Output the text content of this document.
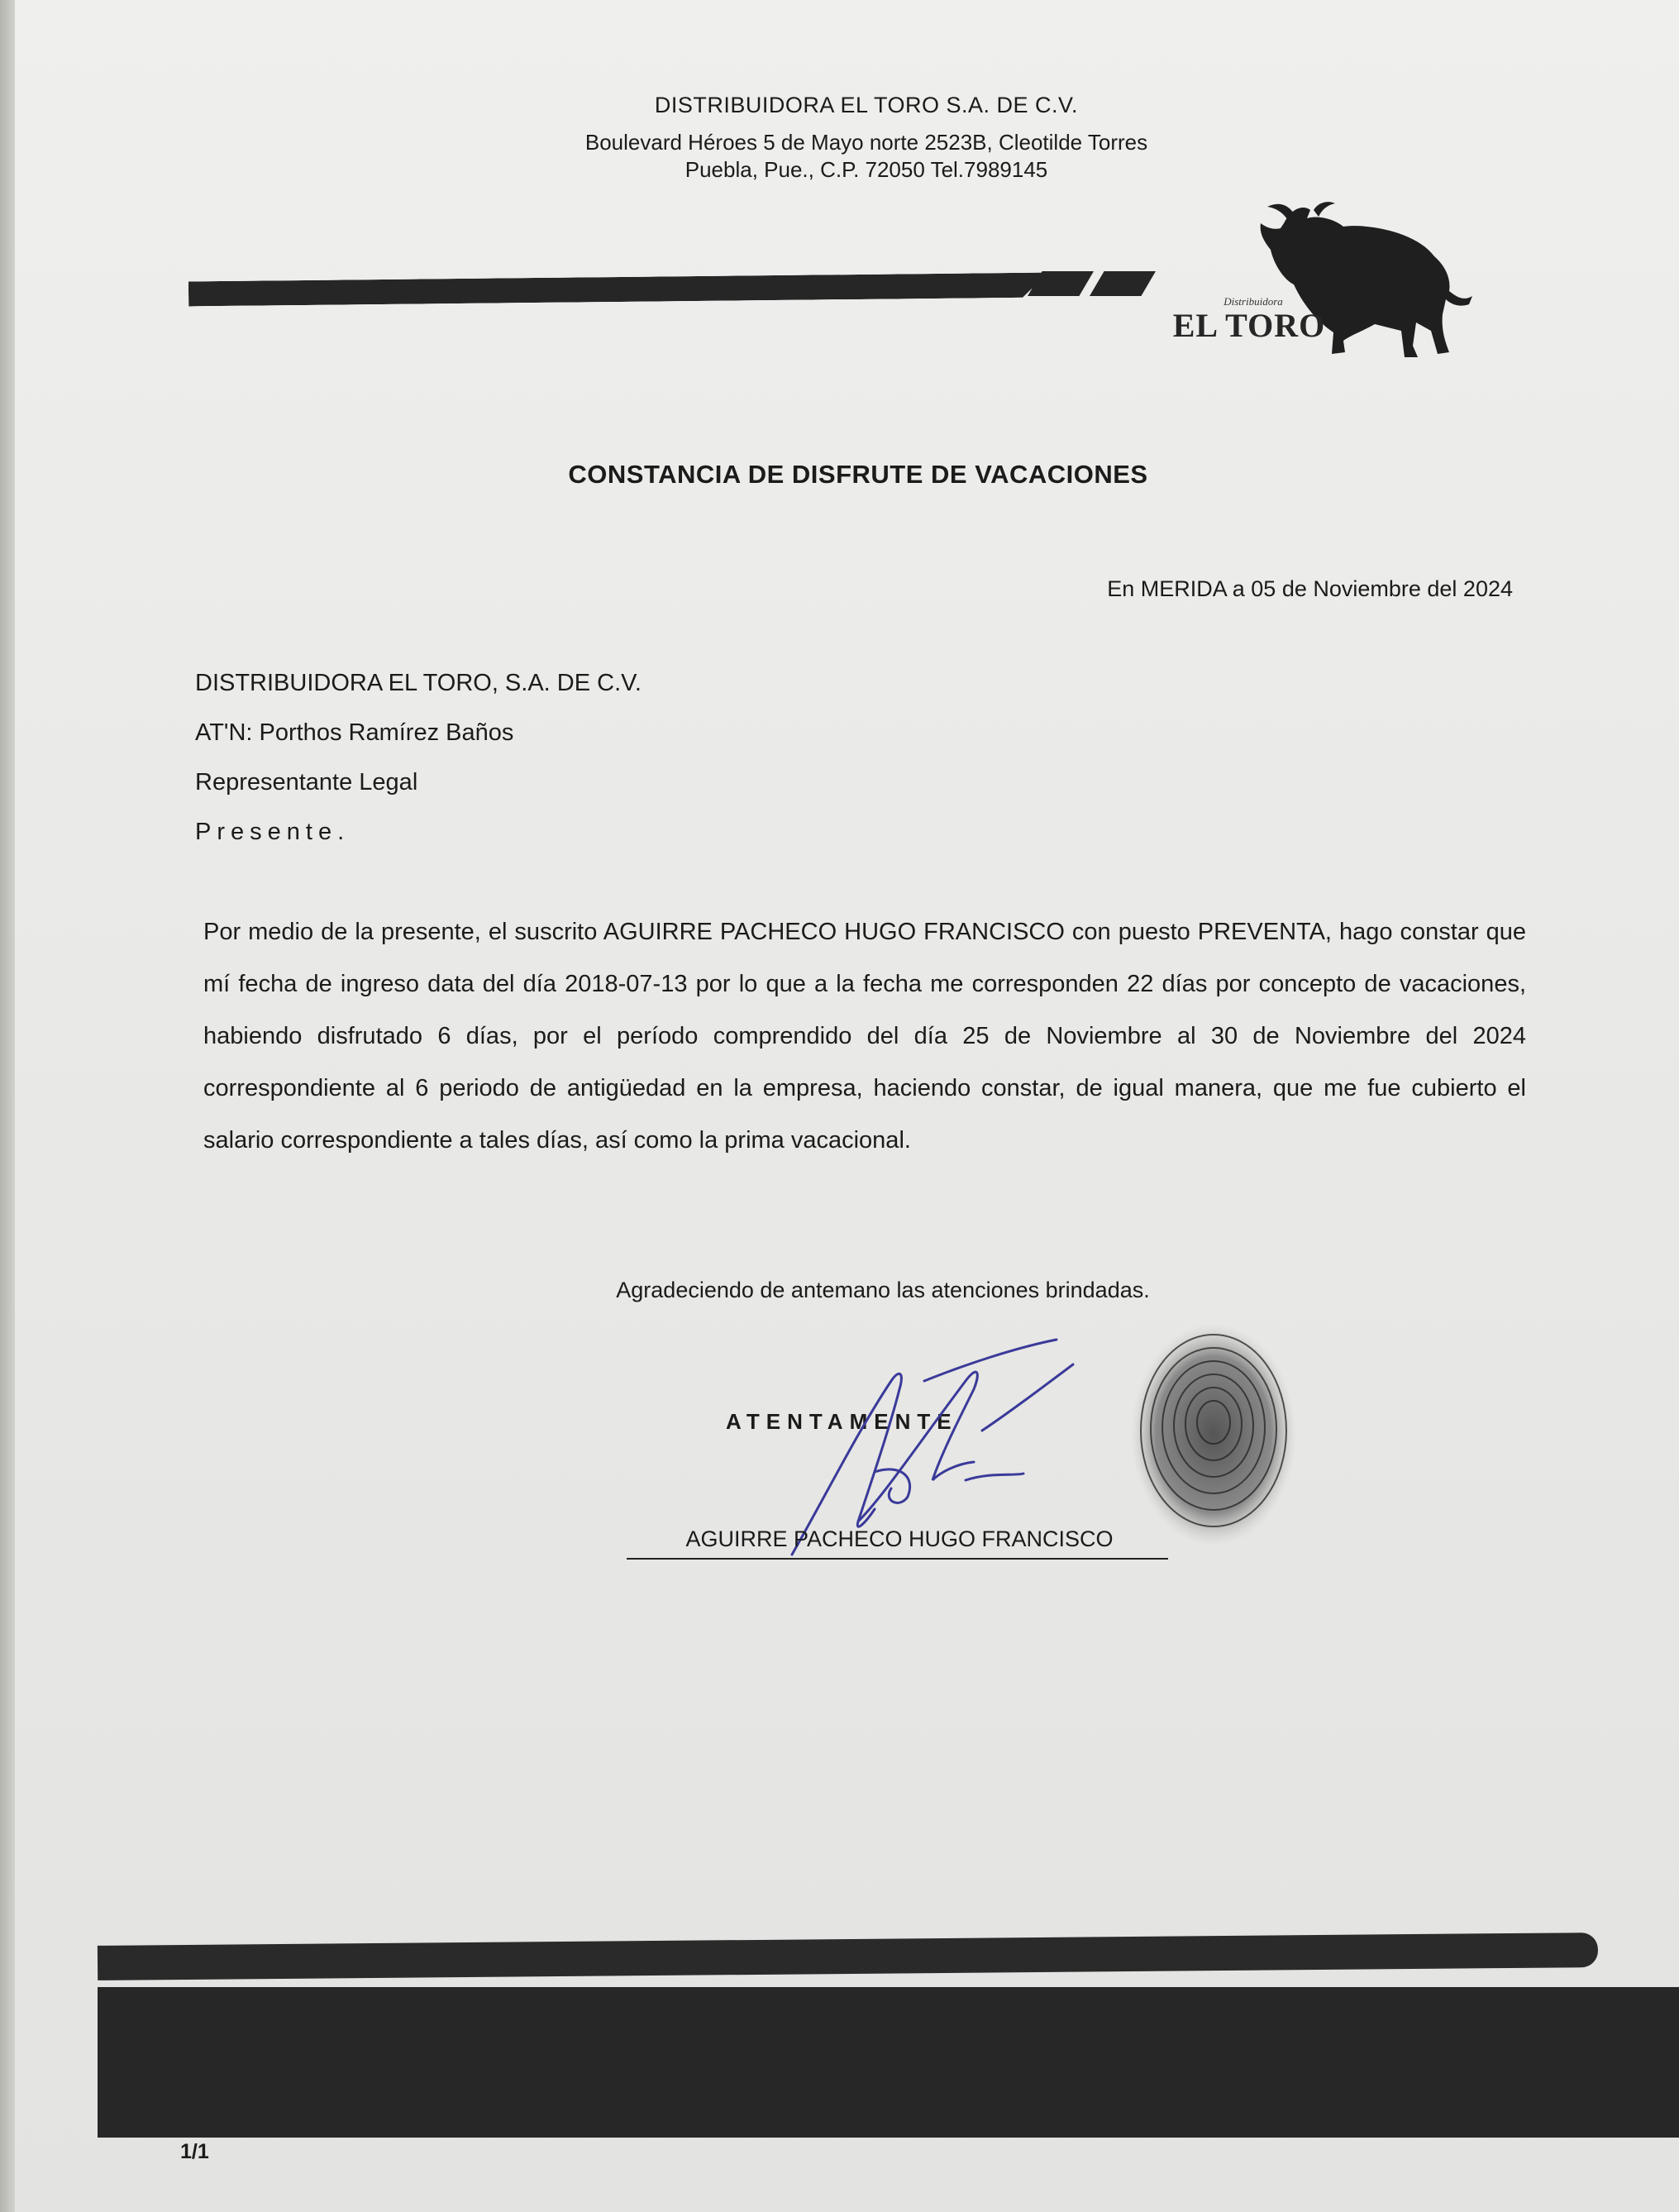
DISTRIBUIDORA EL TORO S.A. DE C.V.
Boulevard Héroes 5 de Mayo norte 2523B, Cleotilde Torres
Puebla, Pue., C.P. 72050 Tel.7989145
Distribuidora
EL TORO
CONSTANCIA DE DISFRUTE DE VACACIONES
En MERIDA a 05 de Noviembre del 2024
DISTRIBUIDORA EL TORO, S.A. DE C.V.
AT'N: Porthos Ramírez Baños
Representante Legal
Presente.
Por medio de la presente, el suscrito AGUIRRE PACHECO HUGO FRANCISCO con puesto PREVENTA, hago constar que mí fecha de ingreso data del día 2018-07-13 por lo que a la fecha me corresponden 22 días por concepto de vacaciones, habiendo disfrutado 6 días, por el período comprendido del día 25 de Noviembre al 30 de Noviembre del 2024 correspondiente al 6 periodo de antigüedad en la empresa, haciendo constar, de igual manera, que me fue cubierto el salario correspondiente a tales días, así como la prima vacacional.
Agradeciendo de antemano las atenciones brindadas.
ATENTAMENTE
AGUIRRE PACHECO HUGO FRANCISCO
1/1
